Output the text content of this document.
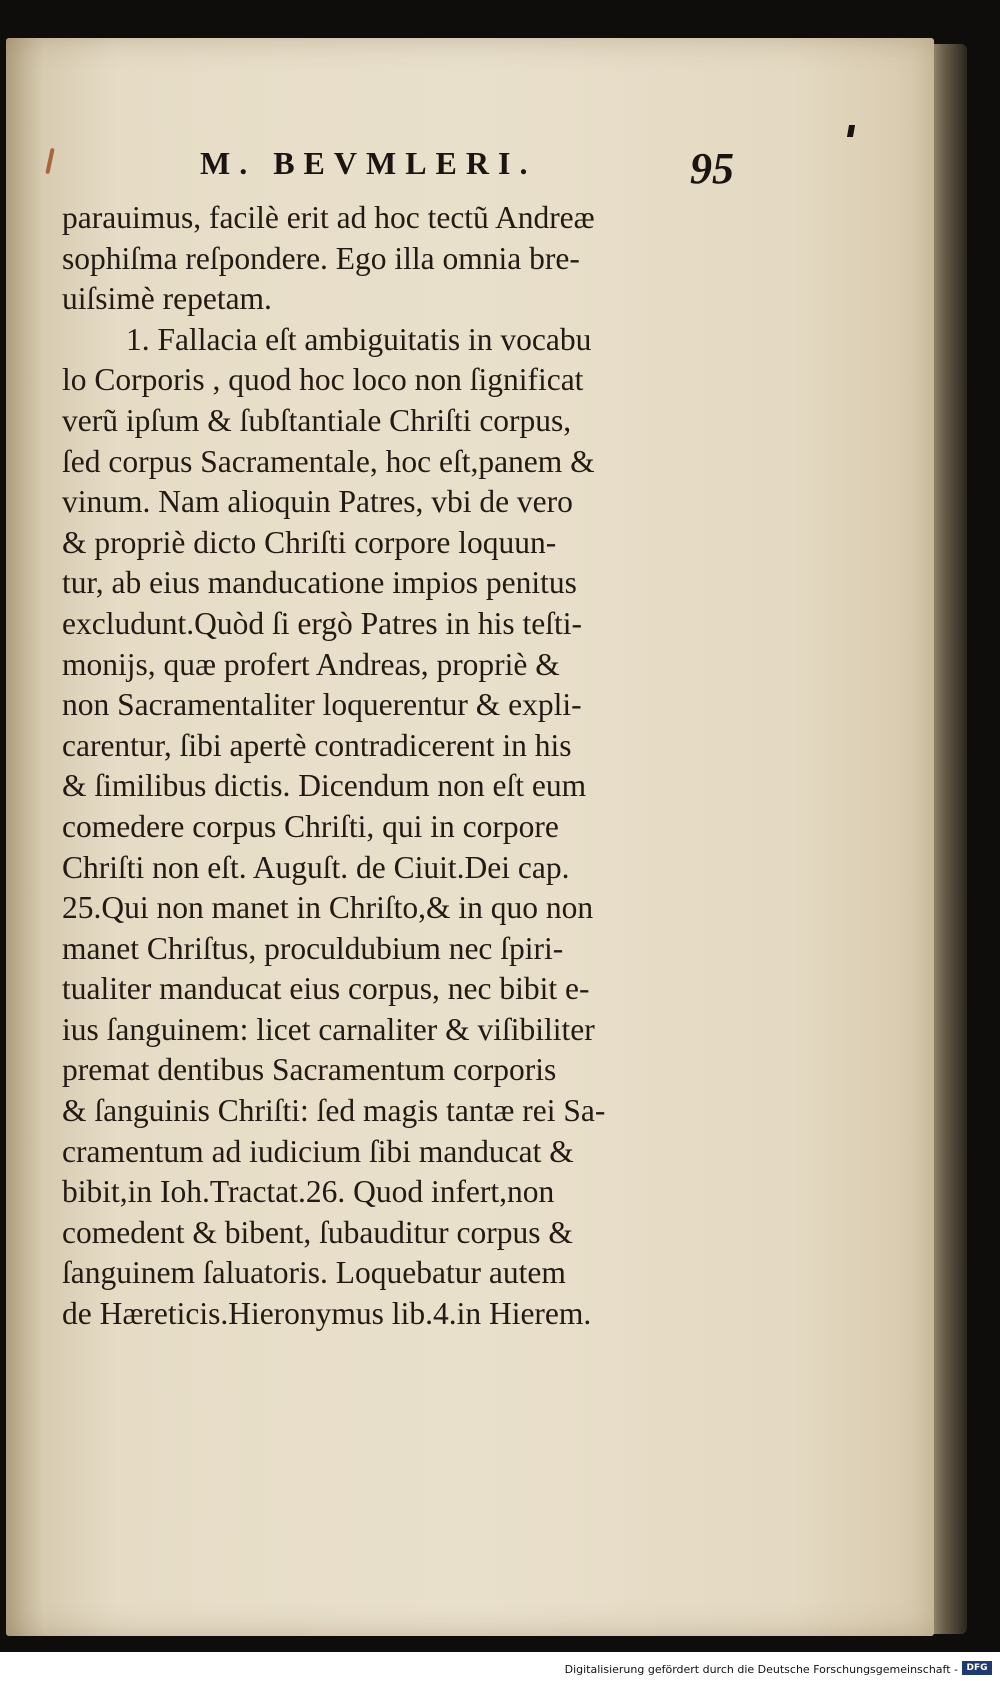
M. BEVMLERI.	95
parauimus, facilè erit ad hoc tectũ Andreæ
sophiſma reſpondere. Ego illa omnia bre-
uiſsimè repetam.
1. Fallacia eſt ambiguitatis in vocabu
lo Corporis , quod hoc loco non ſignificat
verũ ipſum & ſubſtantiale Chriſti corpus,
ſed corpus Sacramentale, hoc eſt,panem &
vinum. Nam alioquin Patres, vbi de vero
& propriè dicto Chriſti corpore loquun-
tur, ab eius manducatione impios penitus
excludunt.Quòd ſi ergò Patres in his teſti-
monijs, quæ profert Andreas, propriè &
non Sacramentaliter loquerentur & expli-
carentur, ſibi apertè contradicerent in his
& ſimilibus dictis. Dicendum non eſt eum
comedere corpus Chriſti, qui in corpore
Chriſti non eſt. Auguſt. de Ciuit.Dei cap.
25.Qui non manet in Chriſto,& in quo non
manet Chriſtus, proculdubium nec ſpiri-
tualiter manducat eius corpus, nec bibit e-
ius ſanguinem: licet carnaliter & viſibiliter
premat dentibus Sacramentum corporis
& ſanguinis Chriſti: ſed magis tantæ rei Sa-
cramentum ad iudicium ſibi manducat &
bibit,in Ioh.Tractat.26. Quod infert,non
comedent & bibent, ſubauditur corpus &
ſanguinem ſaluatoris. Loquebatur autem
de Hæreticis.Hieronymus lib.4.in Hierem.
Digitalisierung gefördert durch die Deutsche Forschungsgemeinschaft - DFG
